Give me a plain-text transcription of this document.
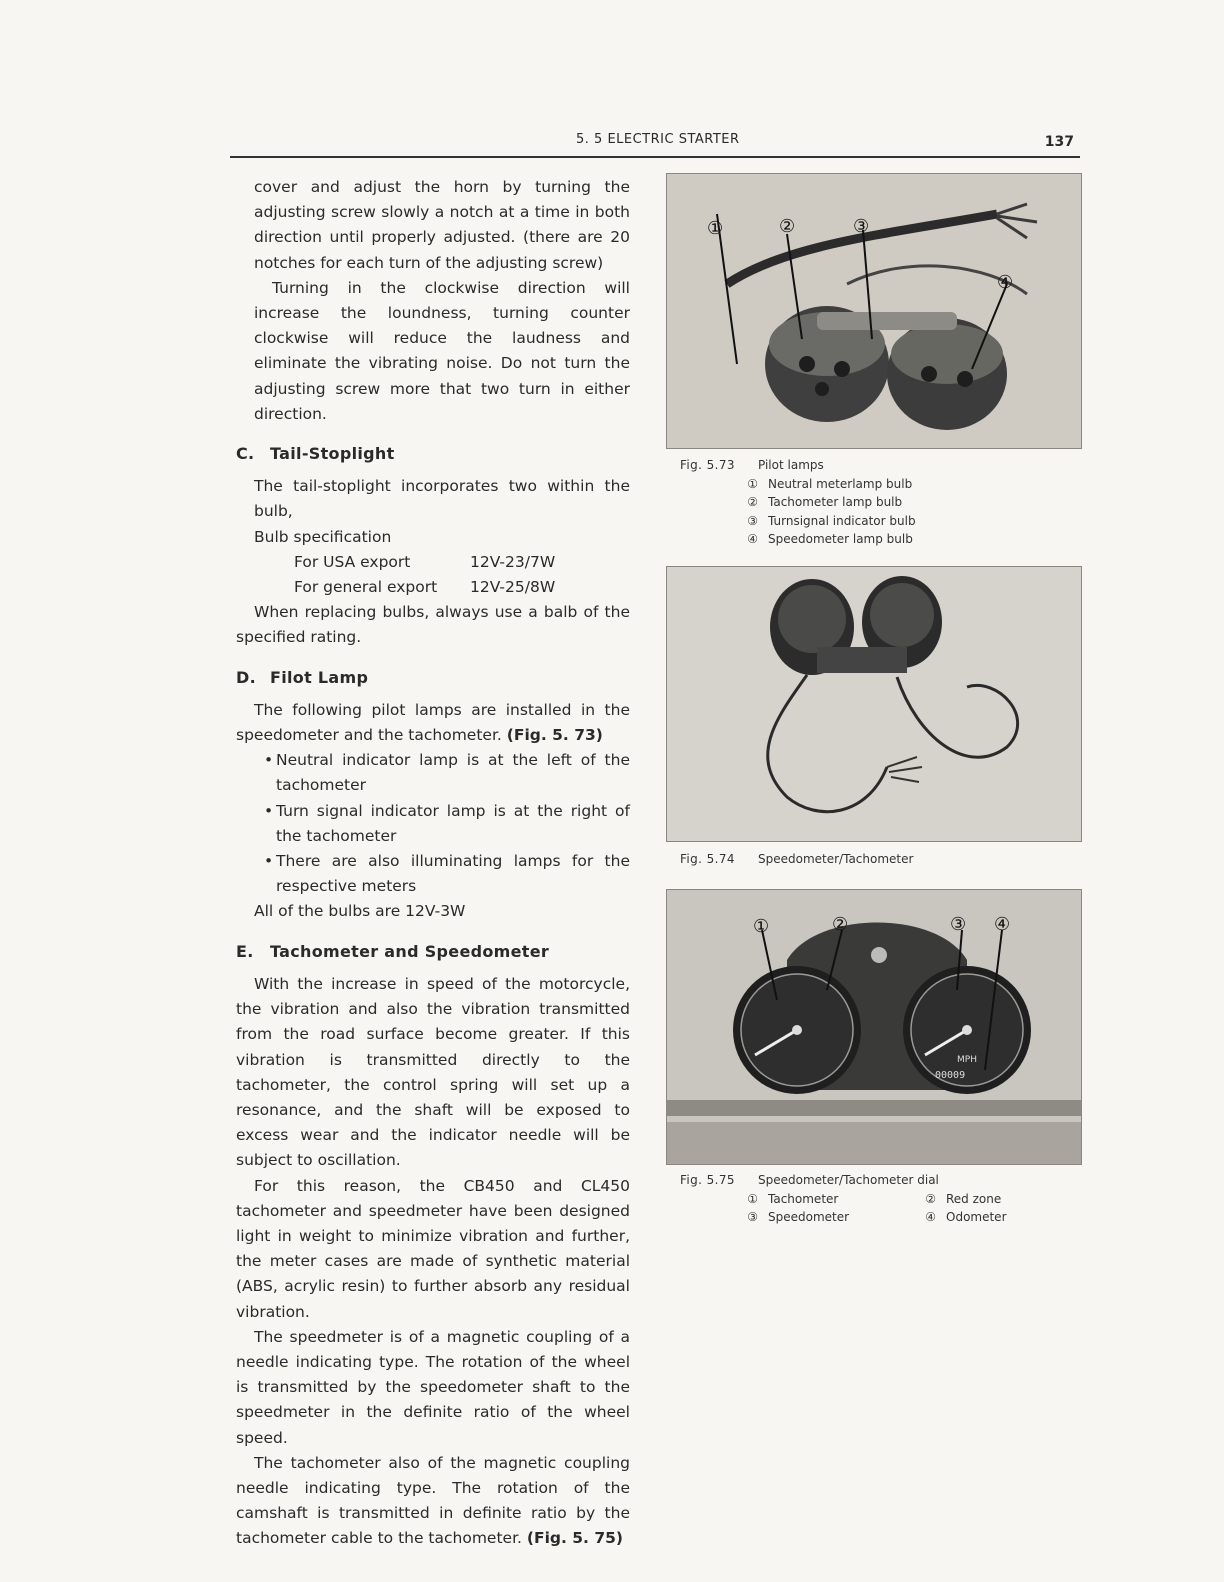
5. 5 ELECTRIC STARTER	137

cover and adjust the horn by turning the adjusting screw slowly a notch at a time in both direction until properly adjusted. (there are 20 notches for each turn of the adjusting screw)

Turning in the clockwise direction will increase the loundness, turning counter clockwise will reduce the laudness and eliminate the vibrating noise. Do not turn the adjusting screw more that two turn in either direction.

C. Tail-Stoplight

The tail-stoplight incorporates two within the bulb,

Bulb specification

For USA export	12V-23/7W
For general export	12V-25/8W

When replacing bulbs, always use a balb of the specified rating.

D. Filot Lamp

The following pilot lamps are installed in the speedometer and the tachometer. (Fig. 5. 73)

• Neutral indicator lamp is at the left of the tachometer

• Turn signal indicator lamp is at the right of the tachometer

• There are also illuminating lamps for the respective meters

All of the bulbs are 12V-3W

E. Tachometer and Speedometer

With the increase in speed of the motorcycle, the vibration and also the vibration transmitted from the road surface become greater. If this vibration is transmitted directly to the tachometer, the control spring will set up a resonance, and the shaft will be exposed to excess wear and the indicator needle will be subject to oscillation.

For this reason, the CB450 and CL450 tachometer and speedmeter have been designed light in weight to minimize vibration and further, the meter cases are made of synthetic material (ABS, acrylic resin) to further absorb any residual vibration.

The speedmeter is of a magnetic coupling of a needle indicating type. The rotation of the wheel is transmitted by the speedometer shaft to the speedmeter in the definite ratio of the wheel speed.

The tachometer also of the magnetic coupling needle indicating type. The rotation of the camshaft is transmitted in definite ratio by the tachometer cable to the tachometer. (Fig. 5. 75)

①	②	③
④
Fig. 5.73	Pilot lamps
① Neutral meterlamp bulb
② Tachometer lamp bulb
③ Turnsignal indicator bulb
④ Speedometer lamp bulb
Fig. 5.74	Speedometer/Tachometer
MPH
00009
①	②	③ ④
Fig. 5.75	Speedometer/Tachometer dial
① Tachometer	② Red zone
③ Speedometer	④ Odometer
